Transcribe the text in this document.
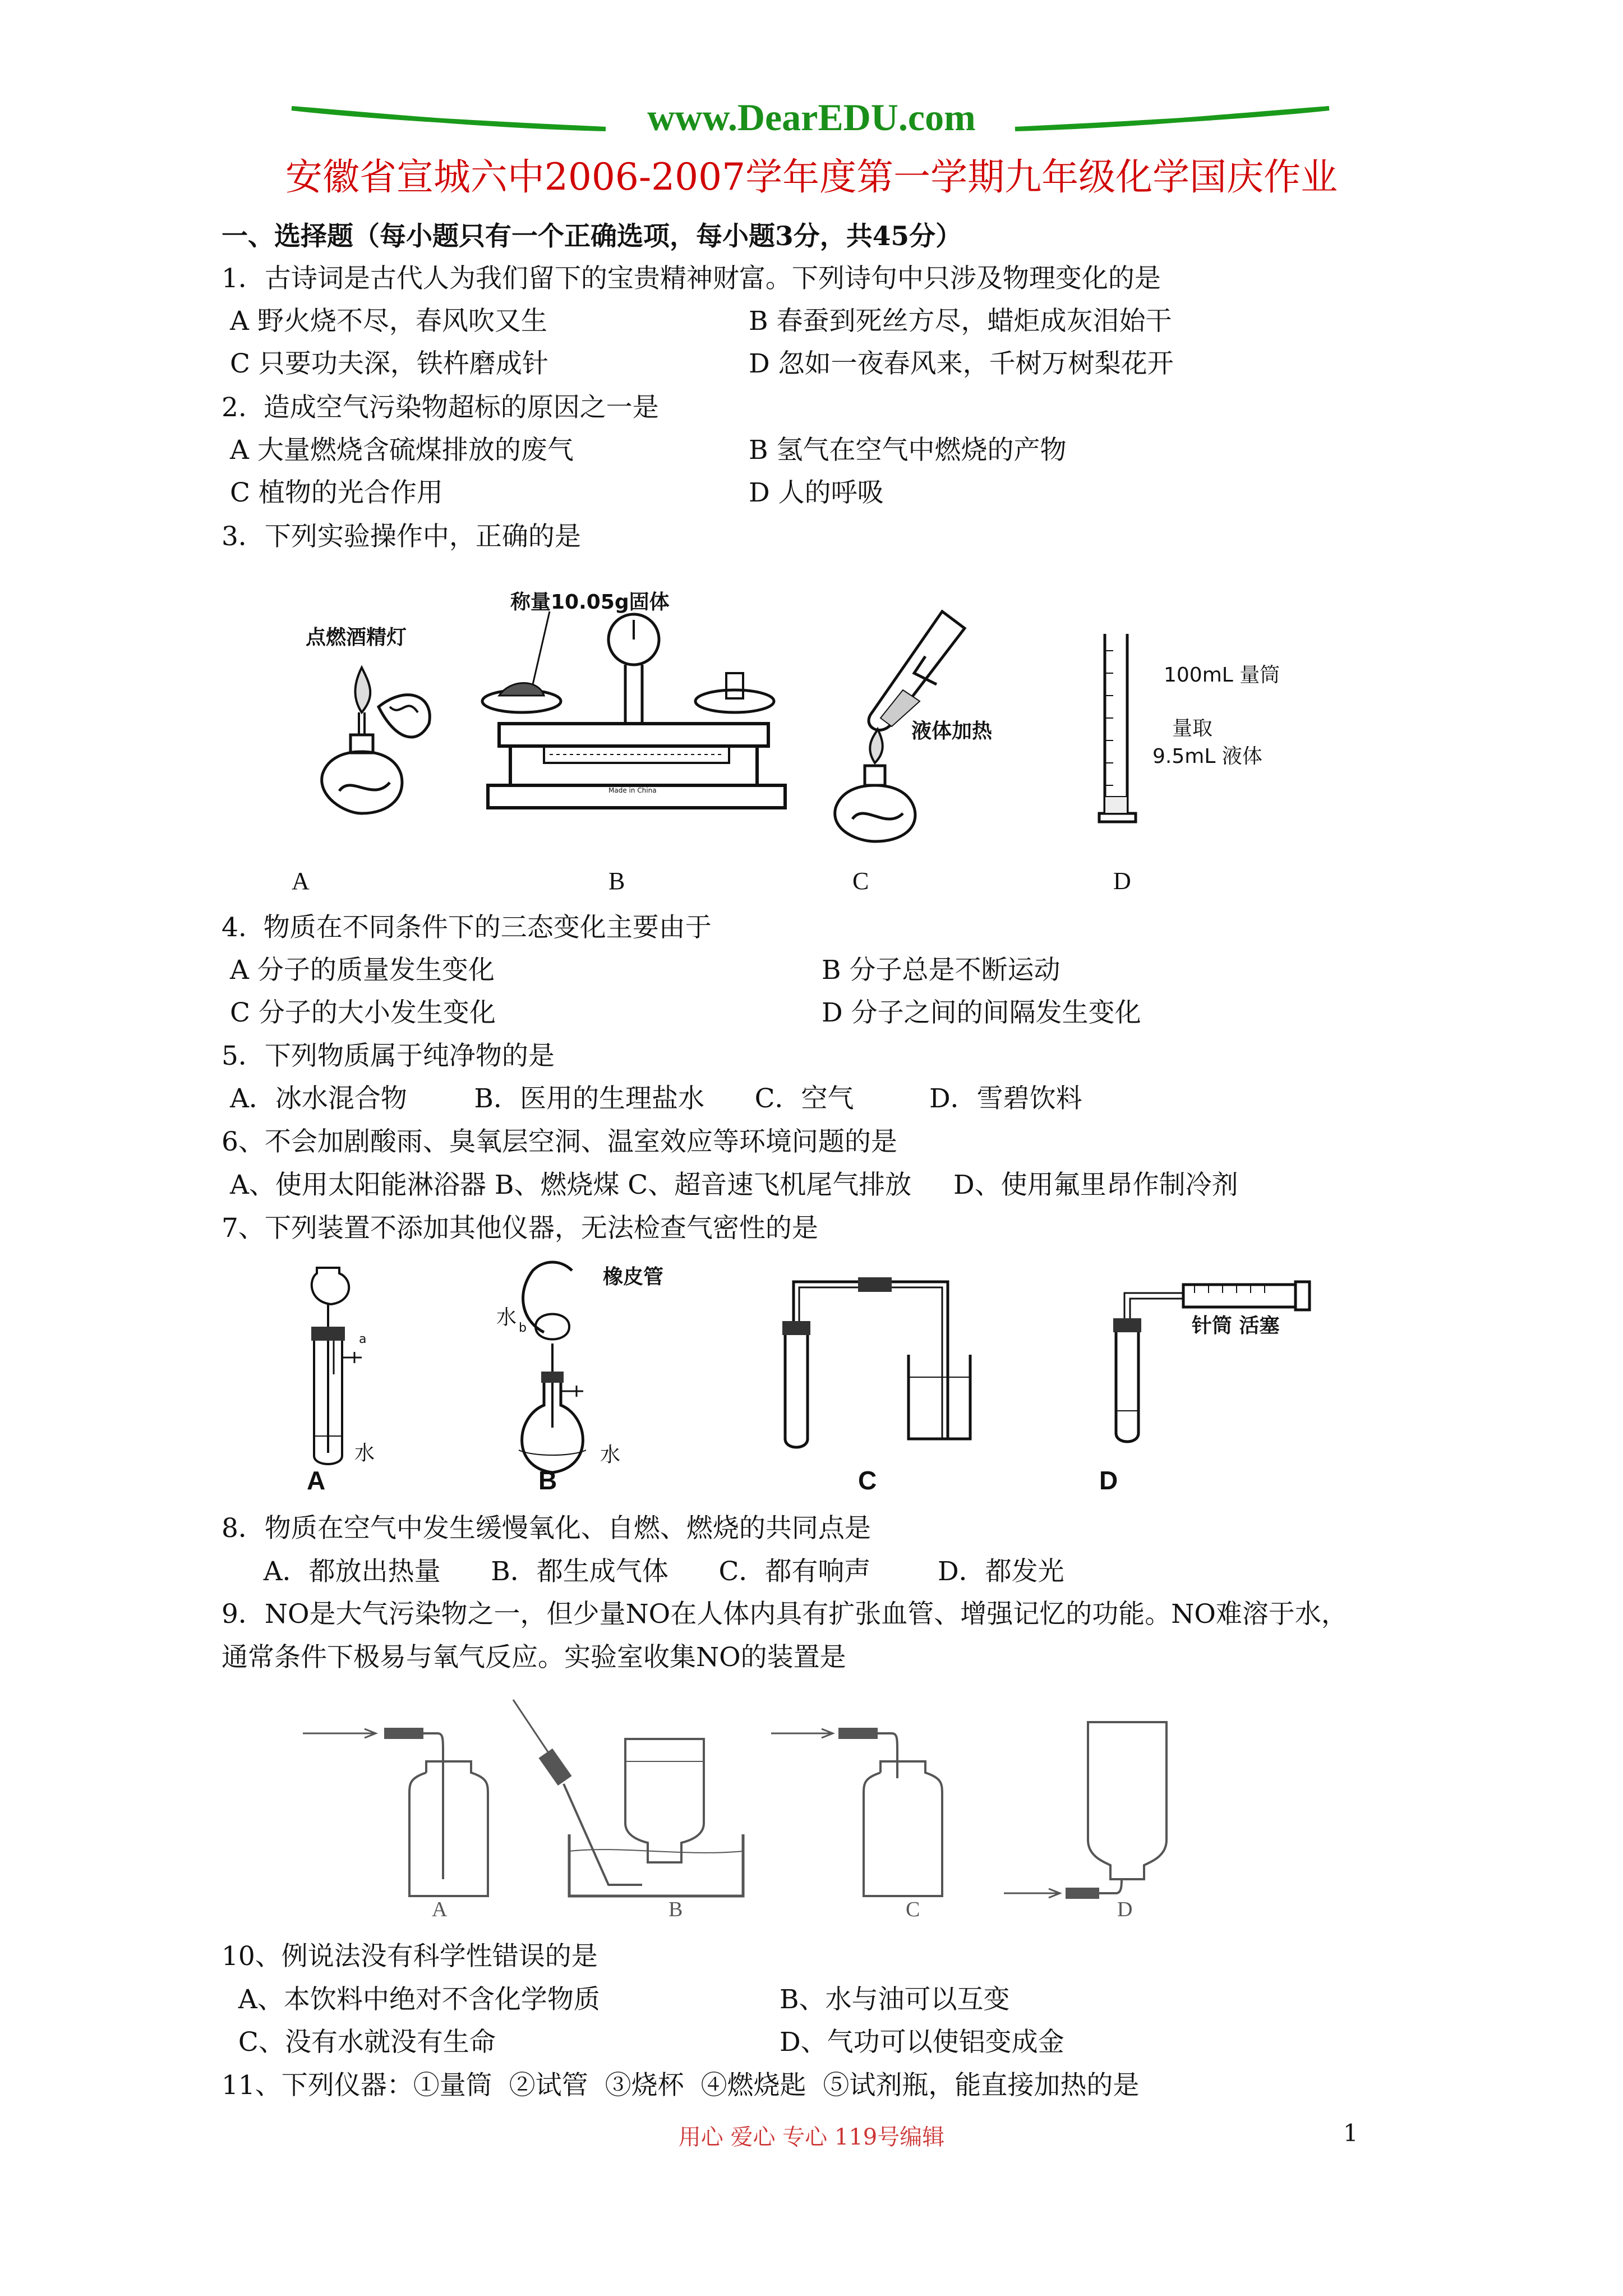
www.DearEDU.com
安徽省宣城六中2006-2007学年度第一学期九年级化学国庆作业
一、选择题（每小题只有一个正确选项，每小题3分，共45分）
1．古诗词是古代人为我们留下的宝贵精神财富。下列诗句中只涉及物理变化的是
A 野火烧不尽，春风吹又生	B 春蚕到死丝方尽，蜡炬成灰泪始干
C 只要功夫深，铁杵磨成针	D 忽如一夜春风来，千树万树梨花开
2.  造成空气污染物超标的原因之一是
A 大量燃烧含硫煤排放的废气	B 氢气在空气中燃烧的产物
C 植物的光合作用	D 人的呼吸
3．下列实验操作中，正确的是
点燃酒精灯
称量10.05g固体
Made in China
液体加热
100mL 量筒
量取
9.5mL 液体
A	B	C	D
4.  物质在不同条件下的三态变化主要由于
A 分子的质量发生变化	B 分子总是不断运动
C 分子的大小发生变化	D 分子之间的间隔发生变化
5．下列物质属于纯净物的是
A．冰水混合物        B．医用的生理盐水      C．空气         D．雪碧饮料
6、不会加剧酸雨、臭氧层空洞、温室效应等环境问题的是
A、使用太阳能淋浴器 B、燃烧煤 C、超音速飞机尾气排放     D、使用氟里昂作制冷剂
7、下列装置不添加其他仪器，无法检查气密性的是
a
水
橡皮管
水 b
水
针筒 活塞
A	B	C	D
8．物质在空气中发生缓慢氧化、自燃、燃烧的共同点是
A．都放出热量      B．都生成气体      C．都有响声        D．都发光
9．NO是大气污染物之一，但少量NO在人体内具有扩张血管、增强记忆的功能。NO难溶于水，
通常条件下极易与氧气反应。实验室收集NO的装置是
A	B	C	D
10、例说法没有科学性错误的是
A、本饮料中绝对不含化学物质	B、水与油可以互变
C、没有水就没有生命	D、气功可以使铝变成金
11、下列仪器：①量筒  ②试管  ③烧杯  ④燃烧匙  ⑤试剂瓶，能直接加热的是
用心 爱心 专心 119号编辑	1
